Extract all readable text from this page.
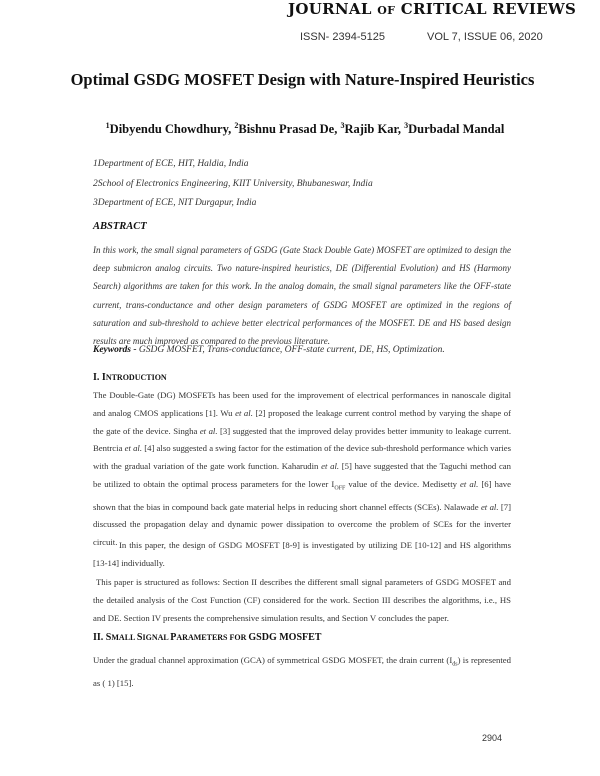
JOURNAL OF CRITICAL REVIEWS
ISSN- 2394-5125	VOL 7, ISSUE 06, 2020
Optimal GSDG MOSFET Design with Nature-Inspired Heuristics
$^1$Dibyendu Chowdhury, $^2$Bishnu Prasad De, $^3$Rajib Kar, $^3$Durbadal Mandal
1Department of ECE, HIT, Haldia, India
2School of Electronics Engineering, KIIT University, Bhubaneswar, India
3Department of ECE, NIT Durgapur, India
ABSTRACT
In this work, the small signal parameters of GSDG (Gate Stack Double Gate) MOSFET are optimized to design the deep submicron analog circuits. Two nature-inspired heuristics, DE (Differential Evolution) and HS (Harmony Search) algorithms are taken for this work. In the analog domain, the small signal parameters like the OFF-state current, trans-conductance and other design parameters of GSDG MOSFET are optimized in the regions of saturation and sub-threshold to achieve better electrical performances of the MOSFET. DE and HS based design results are much improved as compared to the previous literature.
Keywords - GSDG MOSFET, Trans-conductance, OFF-state current, DE, HS, Optimization.
I. INTRODUCTION
The Double-Gate (DG) MOSFETs has been used for the improvement of electrical performances in nanoscale digital and analog CMOS applications [1]. Wu et al. [2] proposed the leakage current control method by varying the shape of the gate of the device. Singha et al. [3] suggested that the improved delay provides better immunity to leakage current. Bentrcia et al. [4] also suggested a swing factor for the estimation of the device sub-threshold performance which varies with the gradual variation of the gate work function. Kaharudin et al. [5] have suggested that the Taguchi method can be utilized to obtain the optimal process parameters for the lower $I_{OFF}$ value of the device. Medisetty et al. [6] have shown that the bias in compound back gate material helps in reducing short channel effects (SCEs). Nalawade et al. [7] discussed the propagation delay and dynamic power dissipation to overcome the problem of SCEs for the inverter circuit. In this paper, the design of GSDG MOSFET [8-9] is investigated by utilizing DE [10-12] and HS algorithms [13-14] individually.
This paper is structured as follows: Section II describes the different small signal parameters of GSDG MOSFET and the detailed analysis of the Cost Function (CF) considered for the work. Section III describes the algorithms, i.e., HS and DE. Section IV presents the comprehensive simulation results, and Section V concludes the paper.
II. SMALL SIGNAL PARAMETERS FOR GSDG MOSFET
Under the gradual channel approximation (GCA) of symmetrical GSDG MOSFET, the drain current $(I_{ds})$ is represented as ( 1) [15].
2904
